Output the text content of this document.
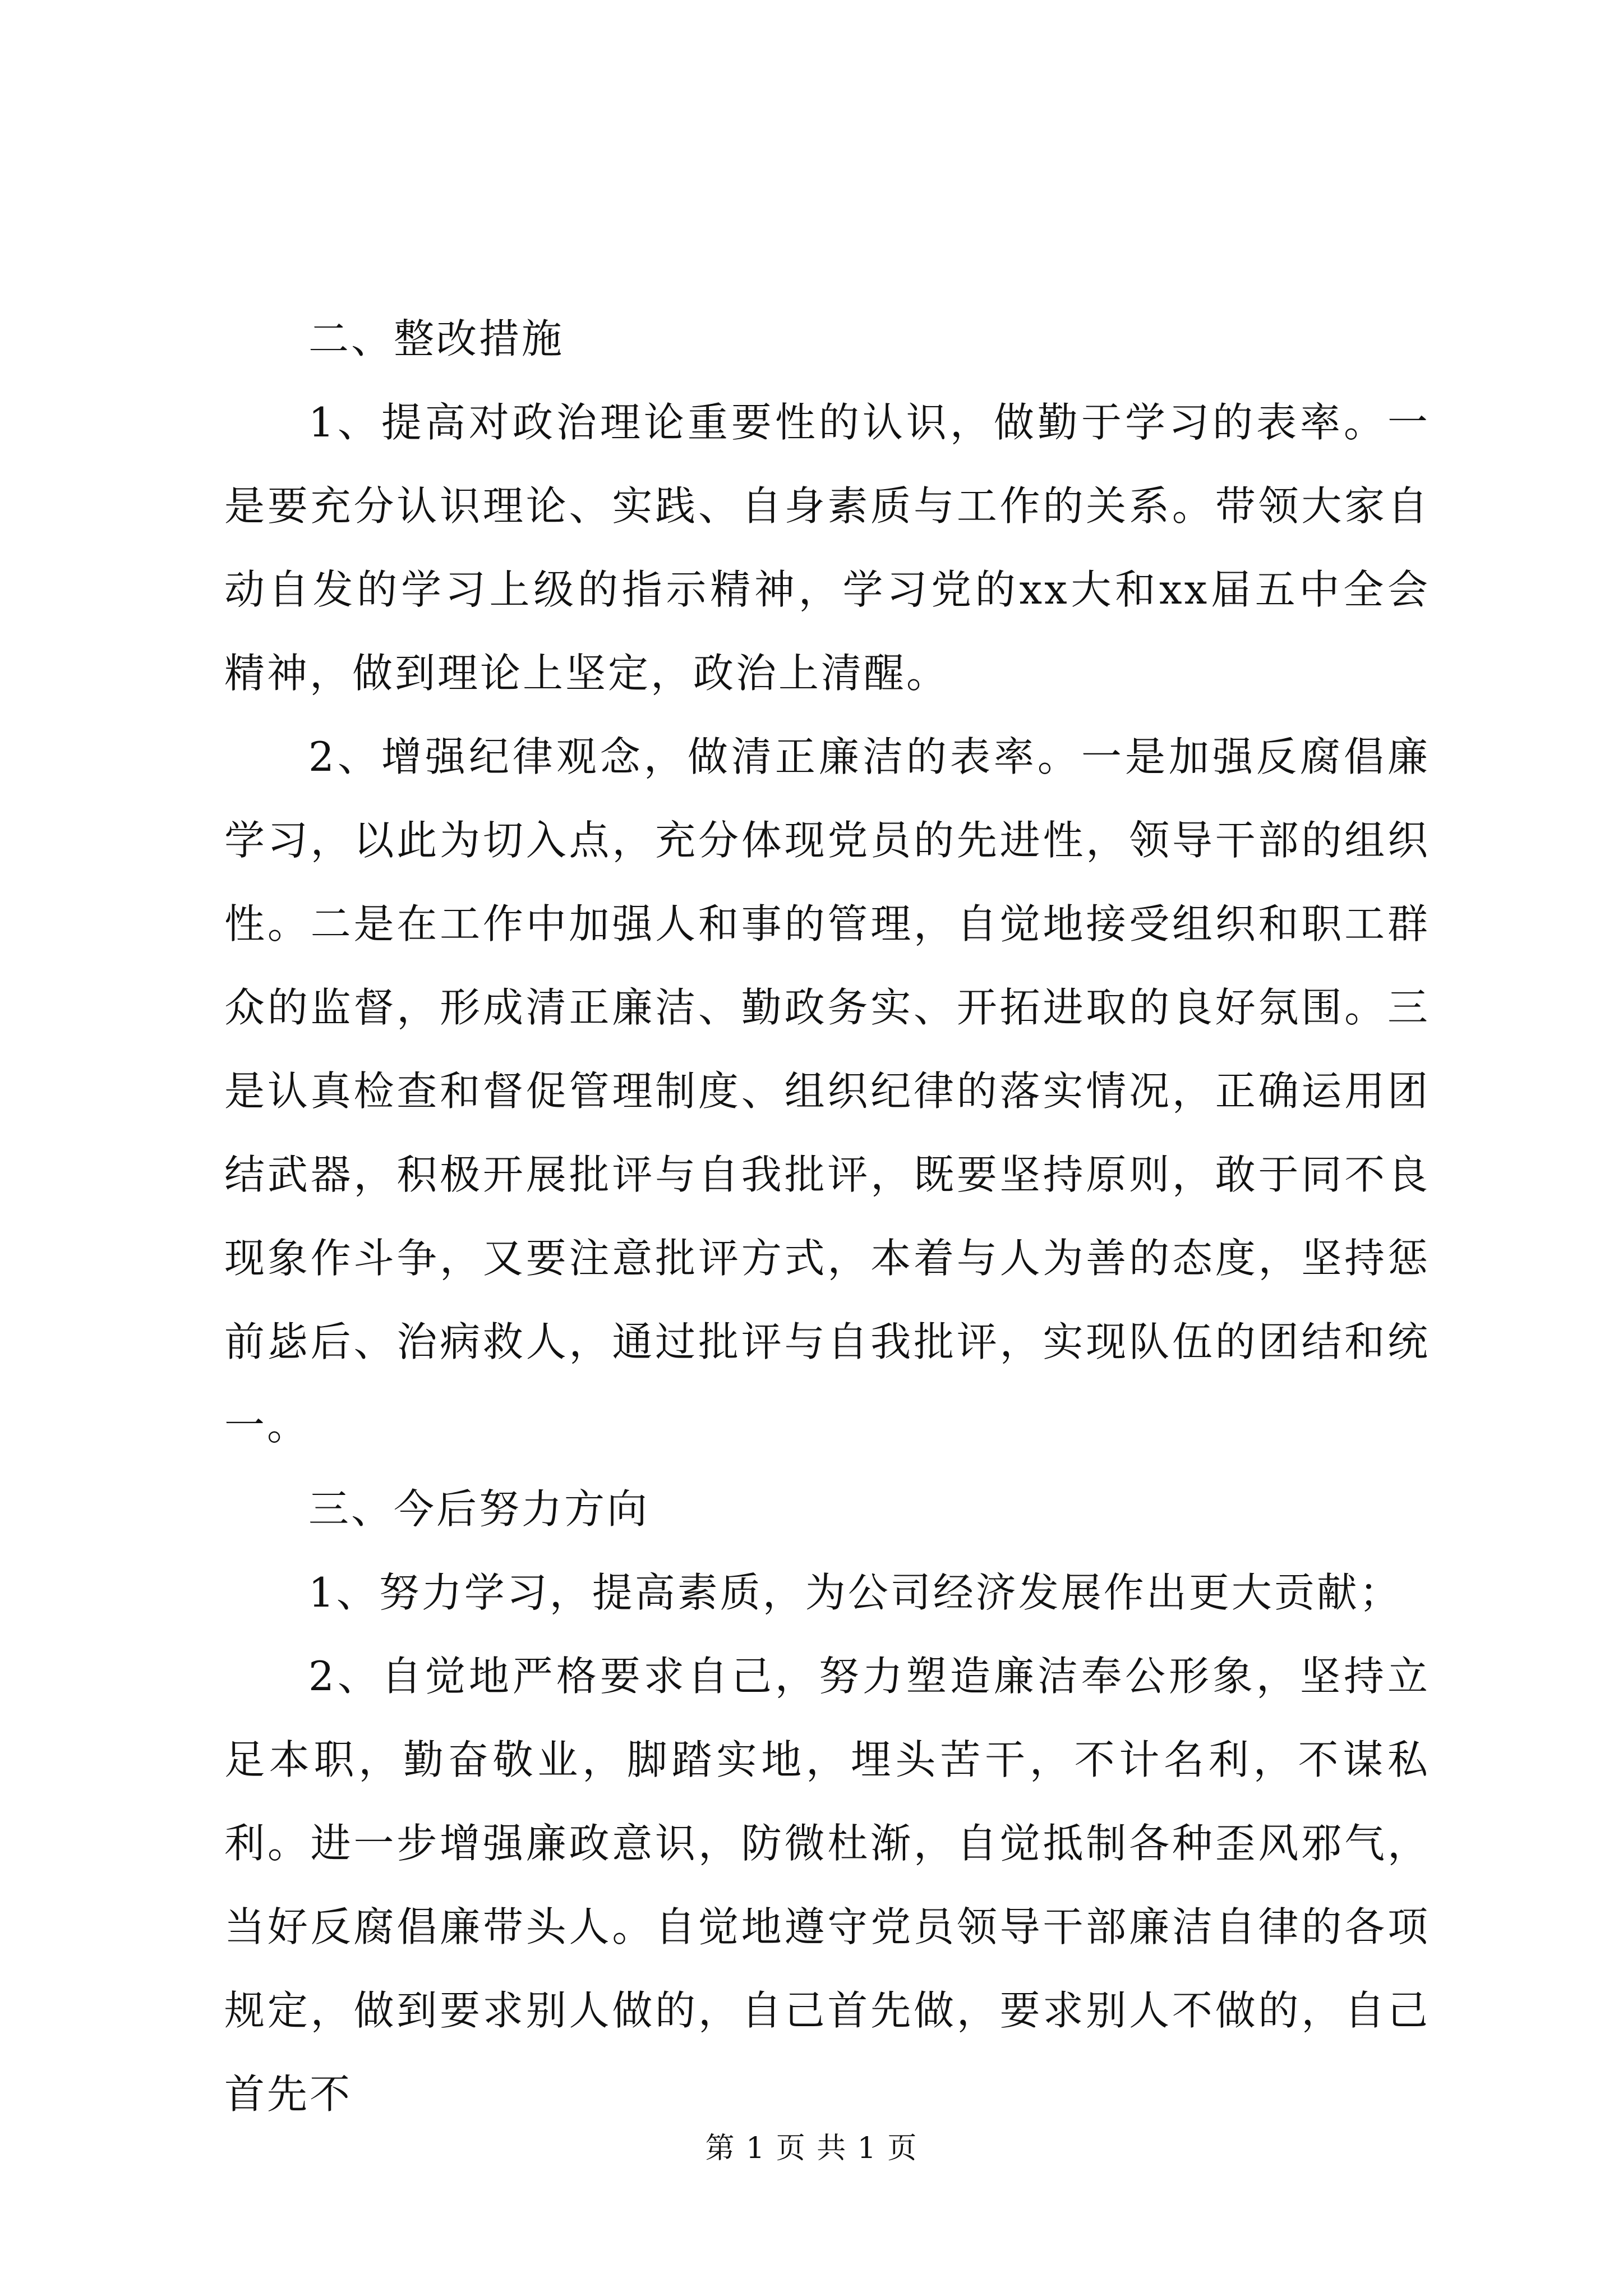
二、整改措施

1、提高对政治理论重要性的认识，做勤于学习的表率。一是要充分认识理论、实践、自身素质与工作的关系。带领大家自动自发的学习上级的指示精神，学习党的xx大和xx届五中全会精神，做到理论上坚定，政治上清醒。

2、增强纪律观念，做清正廉洁的表率。一是加强反腐倡廉学习，以此为切入点，充分体现党员的先进性，领导干部的组织性。二是在工作中加强人和事的管理，自觉地接受组织和职工群众的监督，形成清正廉洁、勤政务实、开拓进取的良好氛围。三是认真检查和督促管理制度、组织纪律的落实情况，正确运用团结武器，积极开展批评与自我批评，既要坚持原则，敢于同不良现象作斗争，又要注意批评方式，本着与人为善的态度，坚持惩前毖后、治病救人，通过批评与自我批评，实现队伍的团结和统一。

三、今后努力方向

1、努力学习，提高素质，为公司经济发展作出更大贡献；

2、自觉地严格要求自己，努力塑造廉洁奉公形象，坚持立足本职，勤奋敬业，脚踏实地，埋头苦干，不计名利，不谋私利。进一步增强廉政意识，防微杜渐，自觉抵制各种歪风邪气，当好反腐倡廉带头人。自觉地遵守党员领导干部廉洁自律的各项规定，做到要求别人做的，自己首先做，要求别人不做的，自己首先不

第 1 页 共 1 页
